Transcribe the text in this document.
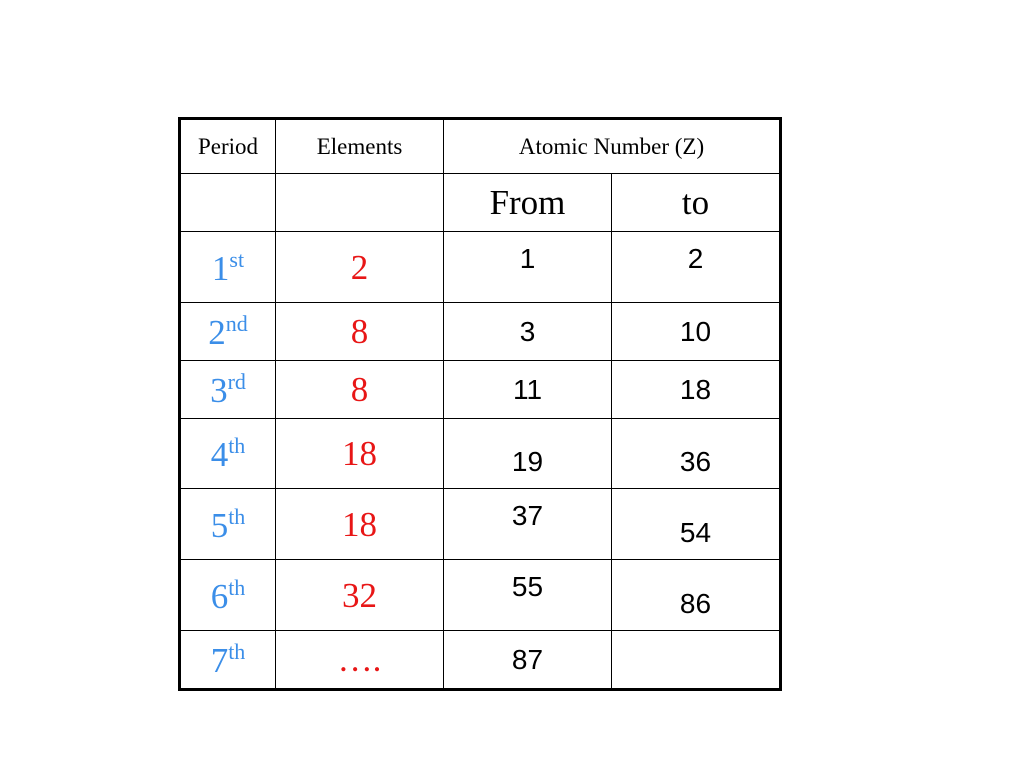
Period	Elements	Atomic Number (Z)	
		From	to
1st	2	1	2
2nd	8	3	10
3rd	8	11	18
4th	18	19	36
5th	18	37	54
6th	32	55	86
7th	….	87	
